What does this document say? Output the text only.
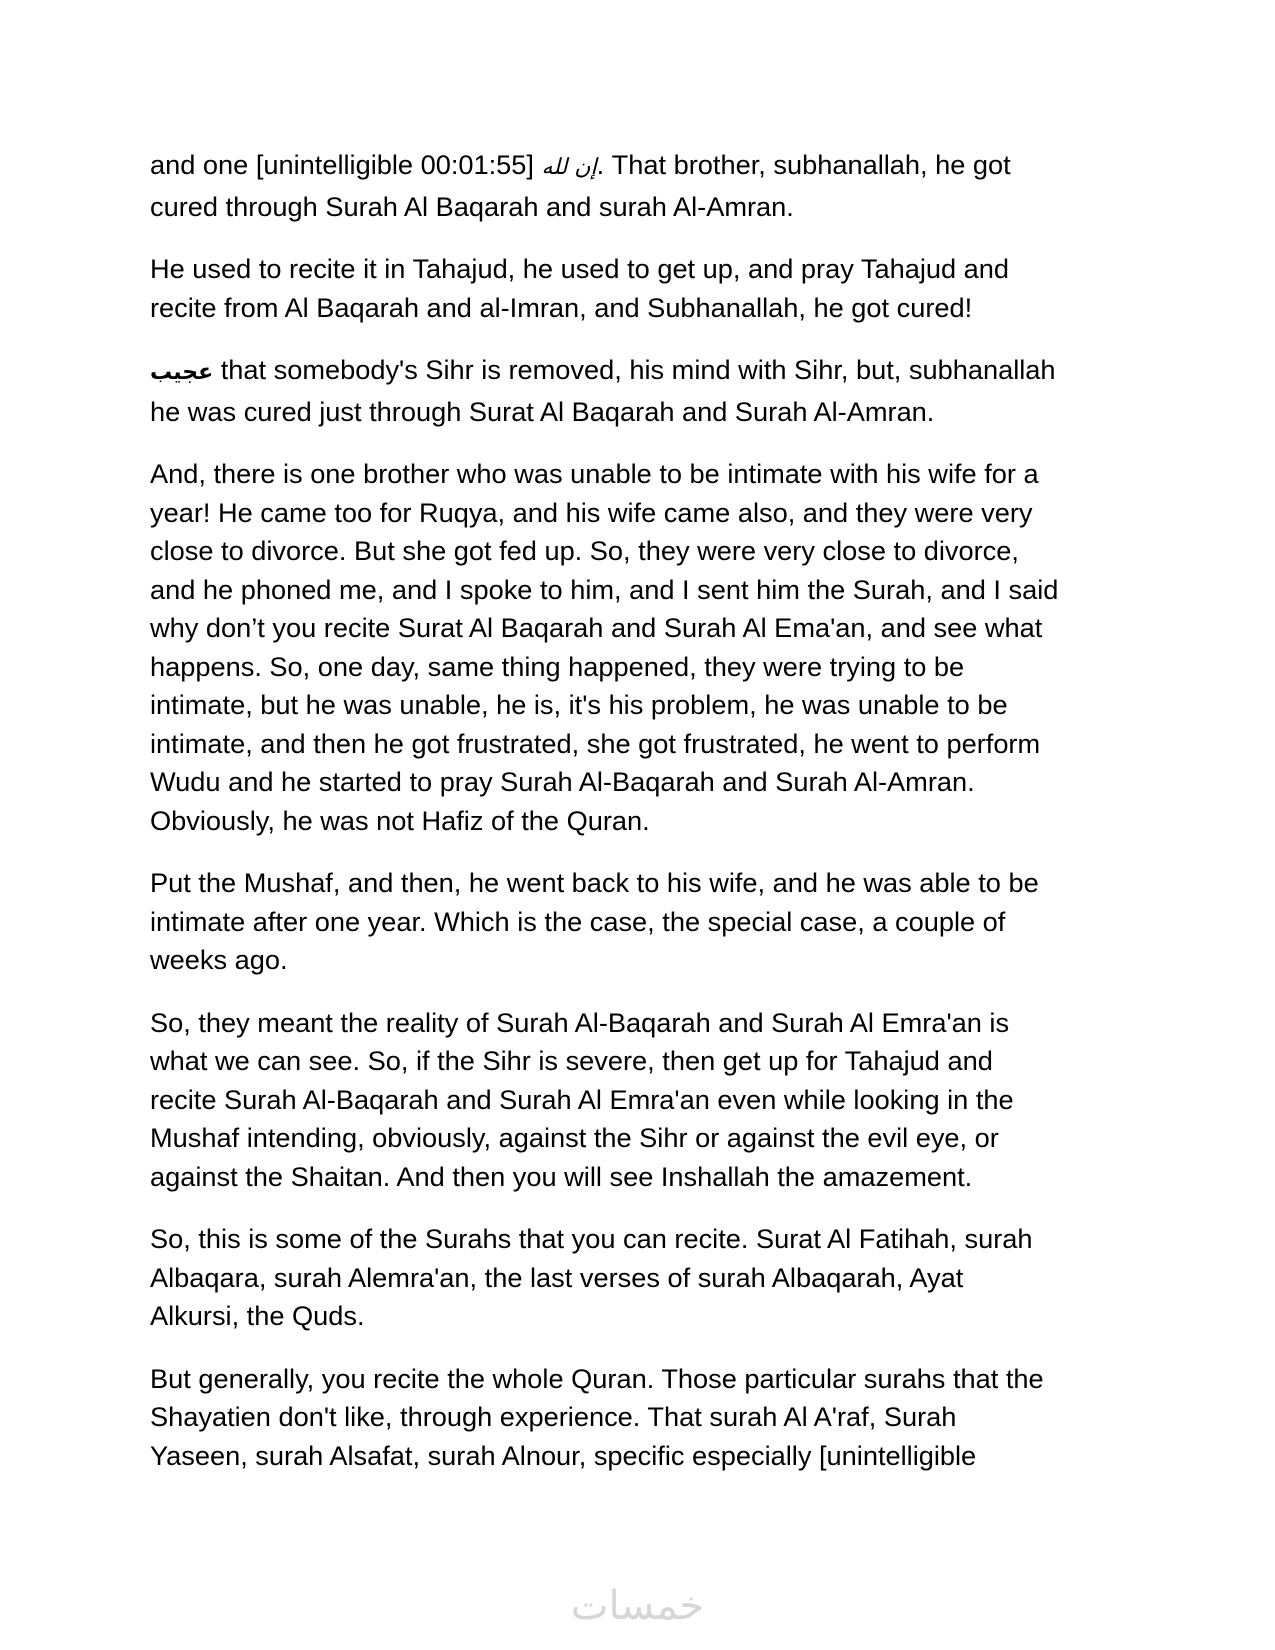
and one [unintelligible 00:01:55] إن لله. That brother, subhanallah, he got
cured through Surah Al Baqarah and surah Al-Amran.
He used to recite it in Tahajud, he used to get up, and pray Tahajud and
recite from Al Baqarah and al-Imran, and Subhanallah, he got cured!
عجيب that somebody's Sihr is removed, his mind with Sihr, but, subhanallah
he was cured just through Surat Al Baqarah and Surah Al-Amran.
And, there is one brother who was unable to be intimate with his wife for a
year! He came too for Ruqya, and his wife came also, and they were very
close to divorce. But she got fed up. So, they were very close to divorce,
and he phoned me, and I spoke to him, and I sent him the Surah, and I said
why don’t you recite Surat Al Baqarah and Surah Al Ema'an, and see what
happens. So, one day, same thing happened, they were trying to be
intimate, but he was unable, he is, it's his problem, he was unable to be
intimate, and then he got frustrated, she got frustrated, he went to perform
Wudu and he started to pray Surah Al-Baqarah and Surah Al-Amran.
Obviously, he was not Hafiz of the Quran.
Put the Mushaf, and then, he went back to his wife, and he was able to be
intimate after one year. Which is the case, the special case, a couple of
weeks ago.
So, they meant the reality of Surah Al-Baqarah and Surah Al Emra'an is
what we can see. So, if the Sihr is severe, then get up for Tahajud and
recite Surah Al-Baqarah and Surah Al Emra'an even while looking in the
Mushaf intending, obviously, against the Sihr or against the evil eye, or
against the Shaitan. And then you will see Inshallah the amazement.
So, this is some of the Surahs that you can recite. Surat Al Fatihah, surah
Albaqara, surah Alemra'an, the last verses of surah Albaqarah, Ayat
Alkursi, the Quds.
But generally, you recite the whole Quran. Those particular surahs that the
Shayatien don't like, through experience. That surah Al A'raf, Surah
Yaseen, surah Alsafat, surah Alnour, specific especially [unintelligible
خمسات
